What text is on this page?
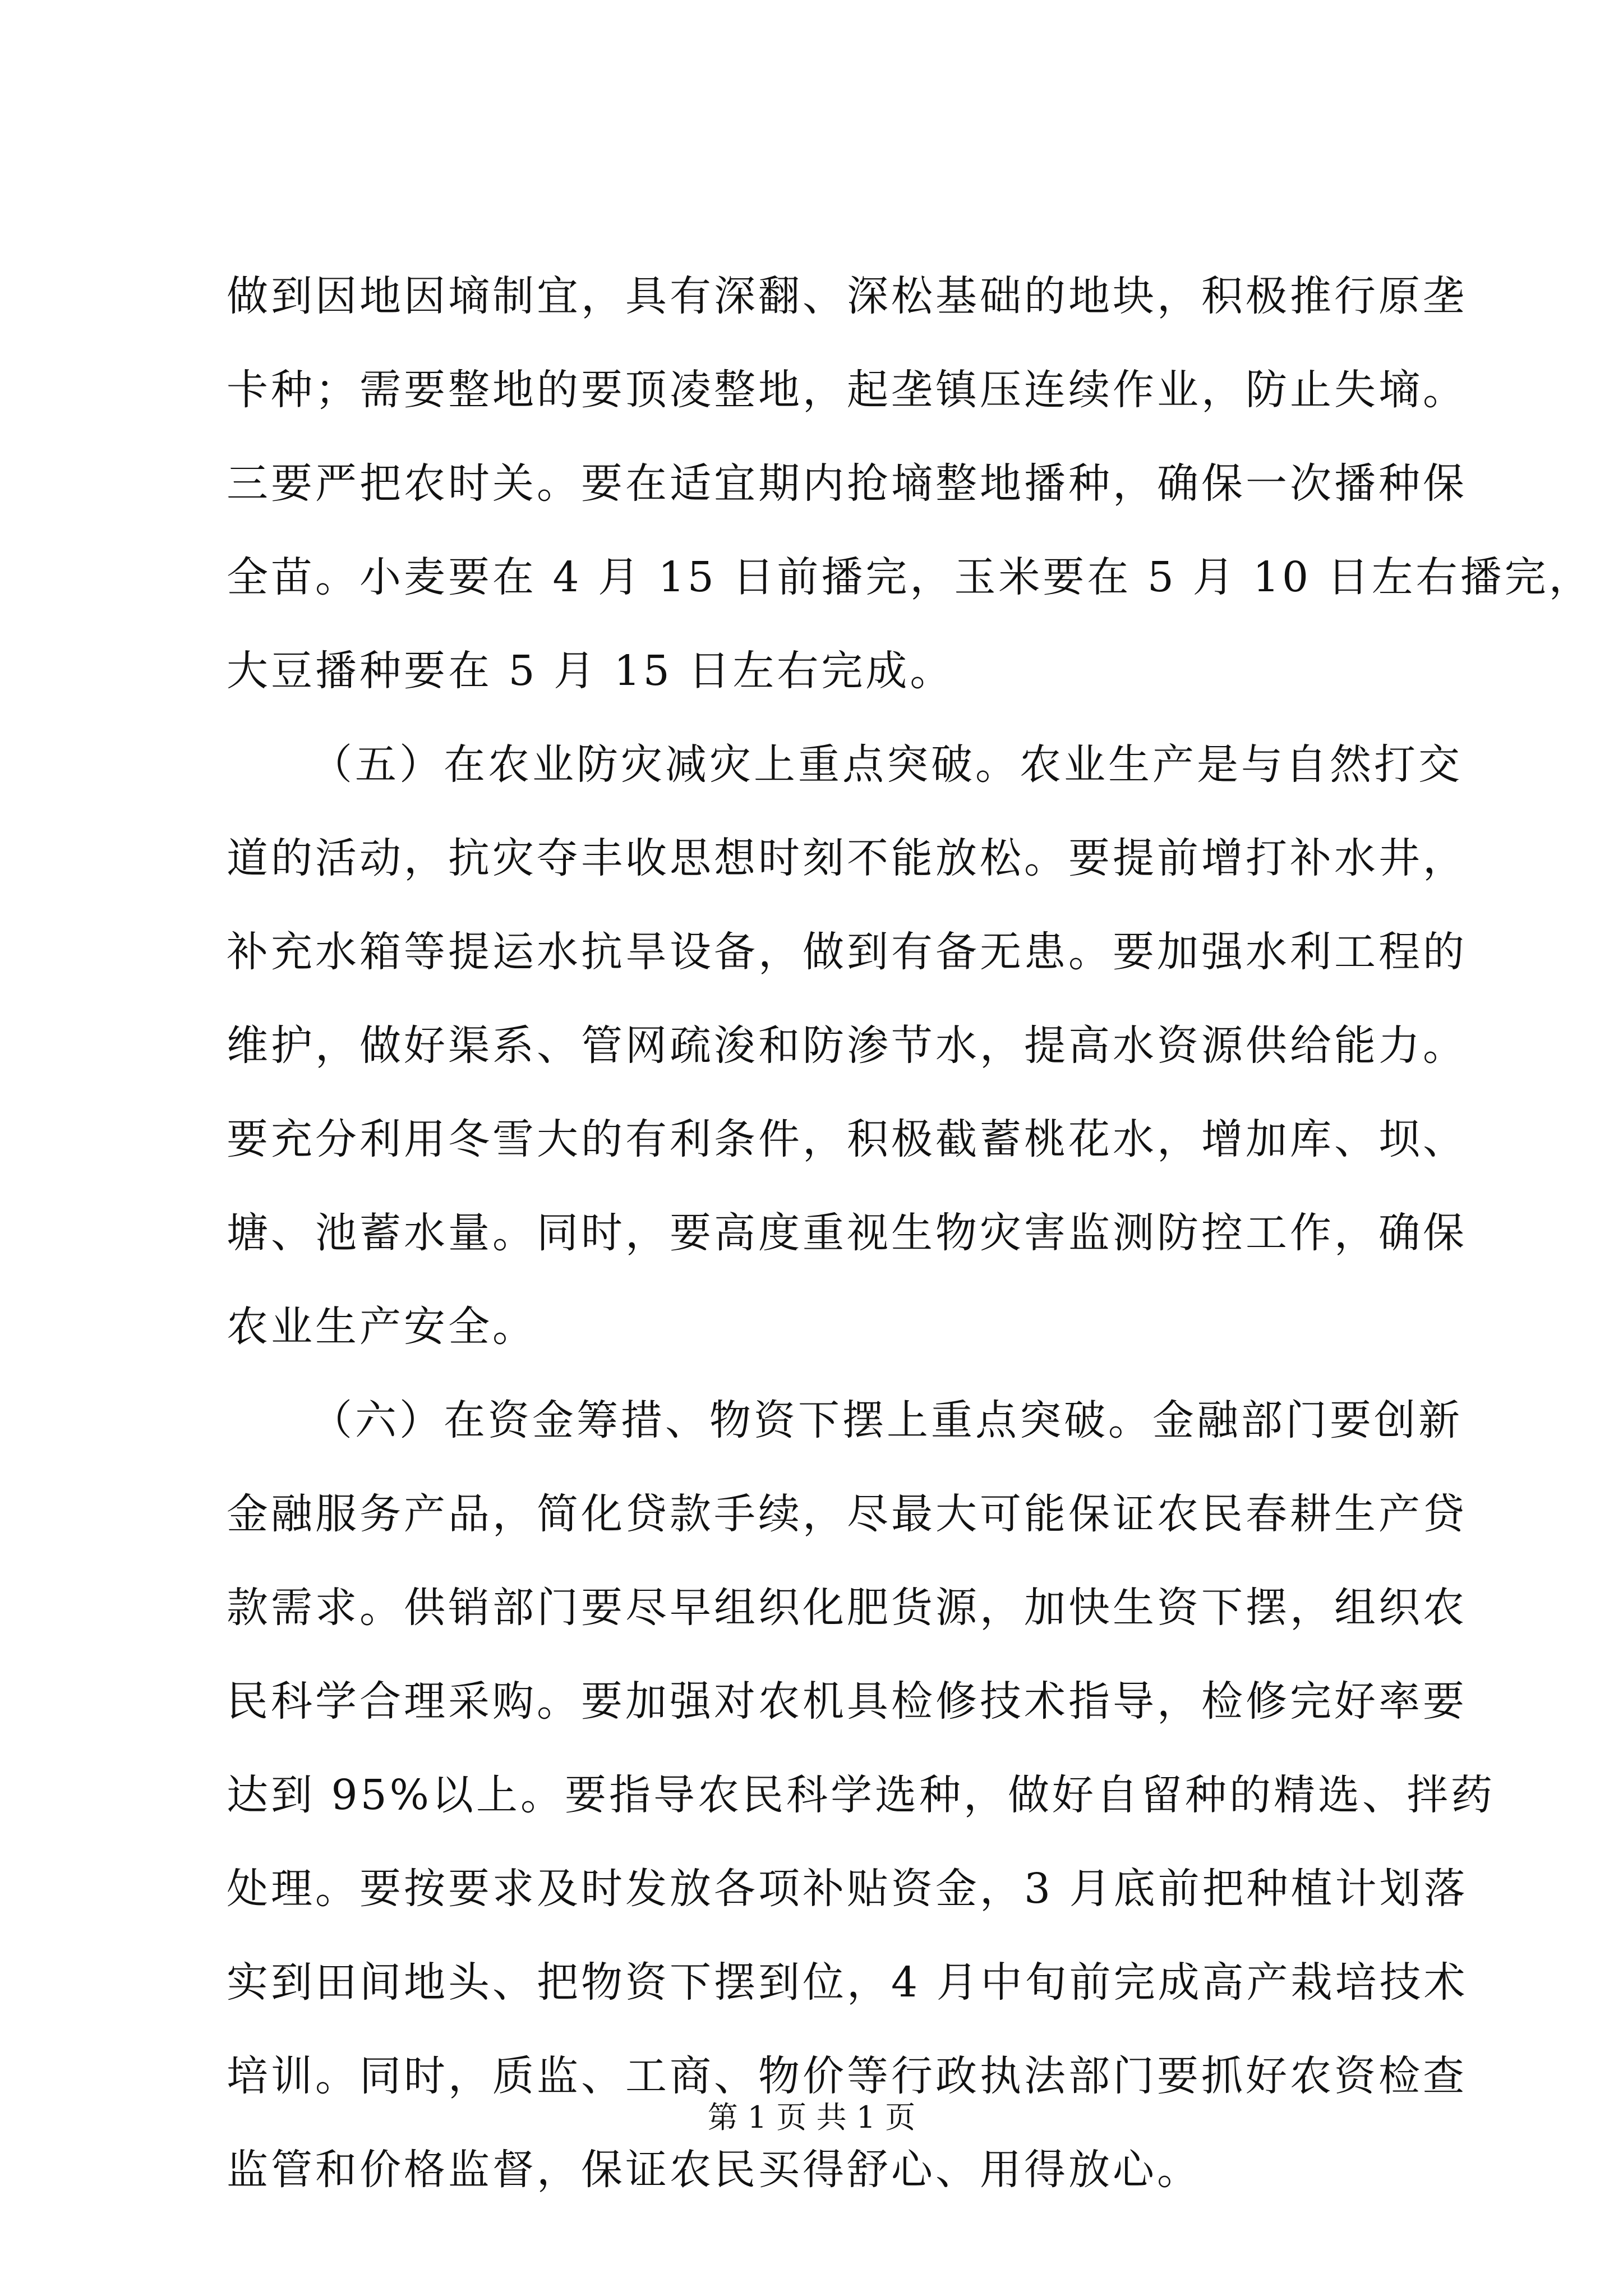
做到因地因墒制宜，具有深翻、深松基础的地块，积极推行原垄
卡种；需要整地的要顶凌整地，起垄镇压连续作业，防止失墒。
三要严把农时关。要在适宜期内抢墒整地播种，确保一次播种保
全苗。小麦要在 4 月 15 日前播完，玉米要在 5 月 10 日左右播完，
大豆播种要在 5 月 15 日左右完成。
（五）在农业防灾减灾上重点突破。农业生产是与自然打交
道的活动，抗灾夺丰收思想时刻不能放松。要提前增打补水井，
补充水箱等提运水抗旱设备，做到有备无患。要加强水利工程的
维护，做好渠系、管网疏浚和防渗节水，提高水资源供给能力。
要充分利用冬雪大的有利条件，积极截蓄桃花水，增加库、坝、
塘、池蓄水量。同时，要高度重视生物灾害监测防控工作，确保
农业生产安全。
（六）在资金筹措、物资下摆上重点突破。金融部门要创新
金融服务产品，简化贷款手续，尽最大可能保证农民春耕生产贷
款需求。供销部门要尽早组织化肥货源，加快生资下摆，组织农
民科学合理采购。要加强对农机具检修技术指导，检修完好率要
达到 95%以上。要指导农民科学选种，做好自留种的精选、拌药
处理。要按要求及时发放各项补贴资金，3 月底前把种植计划落
实到田间地头、把物资下摆到位，4 月中旬前完成高产栽培技术
培训。同时，质监、工商、物价等行政执法部门要抓好农资检查
监管和价格监督，保证农民买得舒心、用得放心。
第 1 页 共 1 页
